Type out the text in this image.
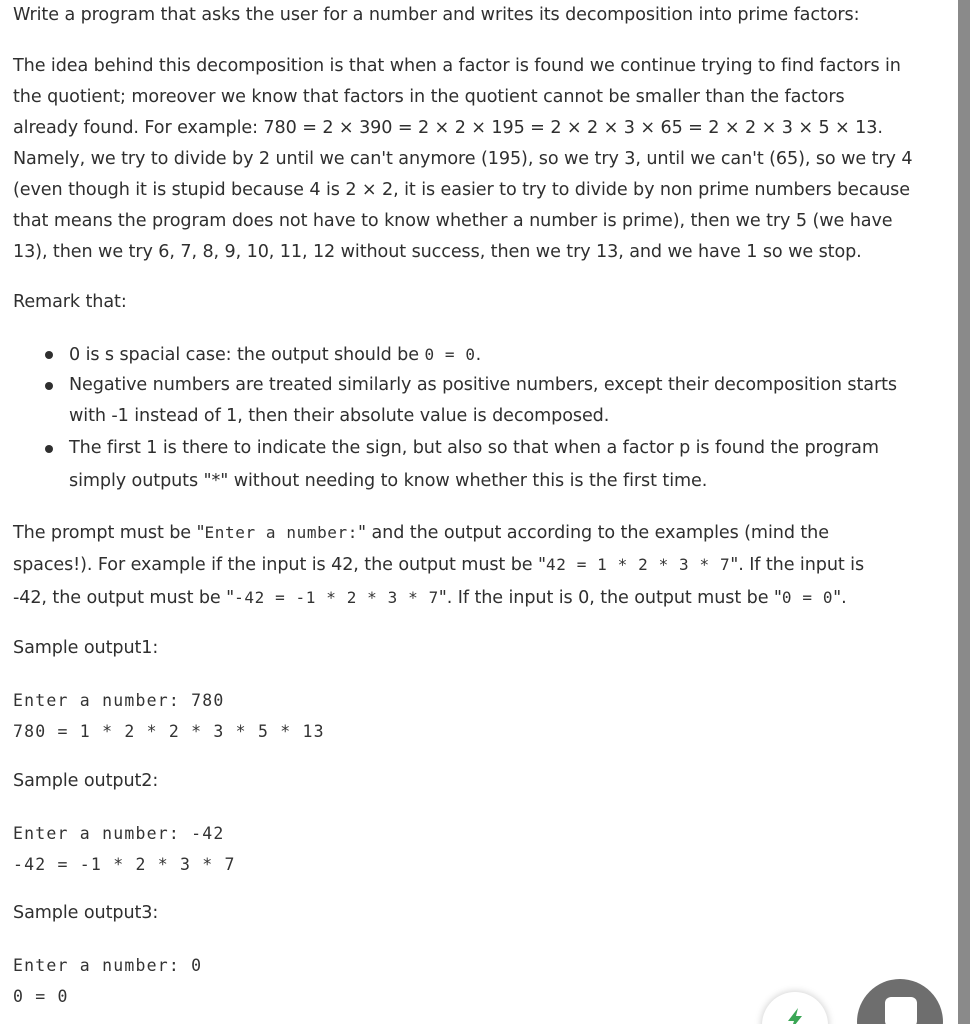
Write a program that asks the user for a number and writes its decomposition into prime factors:
The idea behind this decomposition is that when a factor is found we continue trying to find factors in
the quotient; moreover we know that factors in the quotient cannot be smaller than the factors
already found. For example: 780 = 2 × 390 = 2 × 2 × 195 = 2 × 2 × 3 × 65 = 2 × 2 × 3 × 5 × 13.
Namely, we try to divide by 2 until we can't anymore (195), so we try 3, until we can't (65), so we try 4
(even though it is stupid because 4 is 2 × 2, it is easier to try to divide by non prime numbers because
that means the program does not have to know whether a number is prime), then we try 5 (we have
13), then we try 6, 7, 8, 9, 10, 11, 12 without success, then we try 13, and we have 1 so we stop.
Remark that:
0 is s spacial case: the output should be 0 = 0.
Negative numbers are treated similarly as positive numbers, except their decomposition starts
with -1 instead of 1, then their absolute value is decomposed.
The first 1 is there to indicate the sign, but also so that when a factor p is found the program
simply outputs "*" without needing to know whether this is the first time.
The prompt must be "Enter a number:" and the output according to the examples (mind the
spaces!). For example if the input is 42, the output must be "42 = 1 * 2 * 3 * 7". If the input is
-42, the output must be "-42 = -1 * 2 * 3 * 7". If the input is 0, the output must be "0 = 0".
Sample output1:
Enter a number: 780
780 = 1 * 2 * 2 * 3 * 5 * 13
Sample output2:
Enter a number: -42
-42 = -1 * 2 * 3 * 7
Sample output3:
Enter a number: 0
0 = 0
